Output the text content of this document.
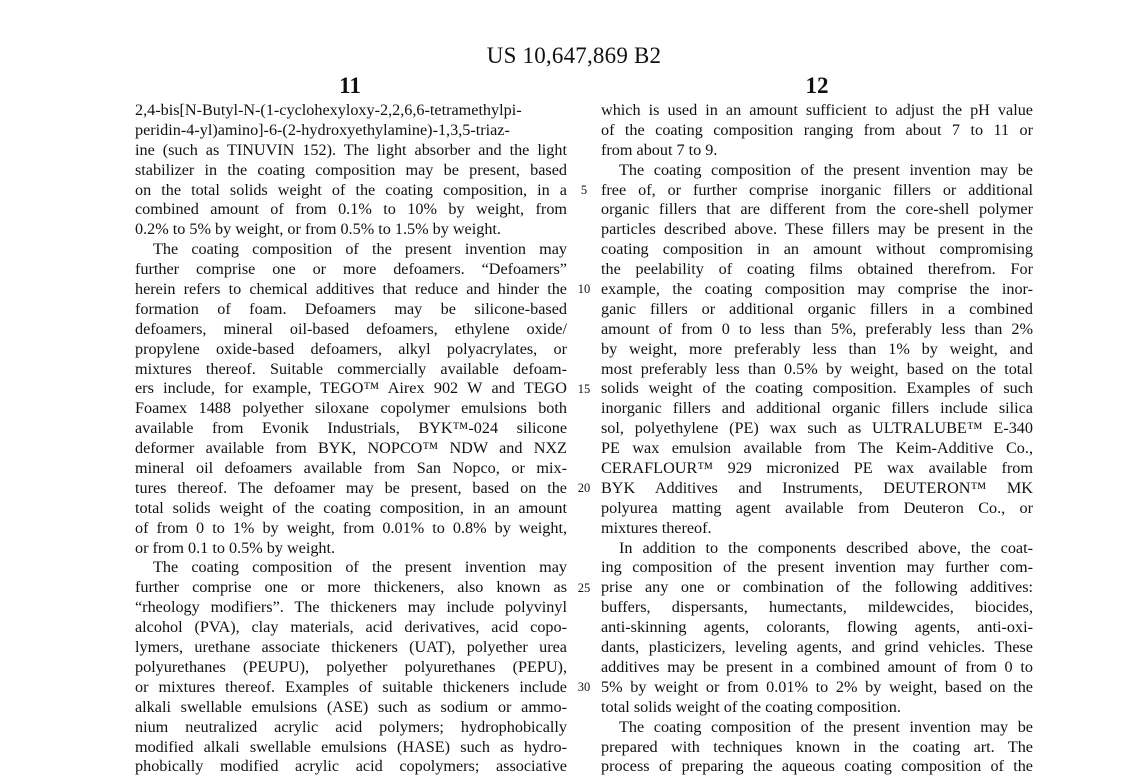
US 10,647,869 B2
11	12
2,4-bis[N-Butyl-N-(1-cyclohexyloxy-2,2,6,6-tetramethylpi-
peridin-4-yl)amino]-6-(2-hydroxyethylamine)-1,3,5-triaz-
ine (such as TINUVIN 152). The light absorber and the light
stabilizer in the coating composition may be present, based
on the total solids weight of the coating composition, in a
combined amount of from 0.1% to 10% by weight, from
0.2% to 5% by weight, or from 0.5% to 1.5% by weight.
The coating composition of the present invention may
further comprise one or more defoamers. “Defoamers”
herein refers to chemical additives that reduce and hinder the
formation of foam. Defoamers may be silicone-based
defoamers, mineral oil-based defoamers, ethylene oxide/
propylene oxide-based defoamers, alkyl polyacrylates, or
mixtures thereof. Suitable commercially available defoam-
ers include, for example, TEGO™ Airex 902 W and TEGO
Foamex 1488 polyether siloxane copolymer emulsions both
available from Evonik Industrials, BYK™-024 silicone
deformer available from BYK, NOPCO™ NDW and NXZ
mineral oil defoamers available from San Nopco, or mix-
tures thereof. The defoamer may be present, based on the
total solids weight of the coating composition, in an amount
of from 0 to 1% by weight, from 0.01% to 0.8% by weight,
or from 0.1 to 0.5% by weight.
The coating composition of the present invention may
further comprise one or more thickeners, also known as
“rheology modifiers”. The thickeners may include polyvinyl
alcohol (PVA), clay materials, acid derivatives, acid copo-
lymers, urethane associate thickeners (UAT), polyether urea
polyurethanes (PEUPU), polyether polyurethanes (PEPU),
or mixtures thereof. Examples of suitable thickeners include
alkali swellable emulsions (ASE) such as sodium or ammo-
nium neutralized acrylic acid polymers; hydrophobically
modified alkali swellable emulsions (HASE) such as hydro-
phobically modified acrylic acid copolymers; associative
5
10
15
20
25
30
which is used in an amount sufficient to adjust the pH value
of the coating composition ranging from about 7 to 11 or
from about 7 to 9.
The coating composition of the present invention may be
free of, or further comprise inorganic fillers or additional
organic fillers that are different from the core-shell polymer
particles described above. These fillers may be present in the
coating composition in an amount without compromising
the peelability of coating films obtained therefrom. For
example, the coating composition may comprise the inor-
ganic fillers or additional organic fillers in a combined
amount of from 0 to less than 5%, preferably less than 2%
by weight, more preferably less than 1% by weight, and
most preferably less than 0.5% by weight, based on the total
solids weight of the coating composition. Examples of such
inorganic fillers and additional organic fillers include silica
sol, polyethylene (PE) wax such as ULTRALUBE™ E-340
PE wax emulsion available from The Keim-Additive Co.,
CERAFLOUR™ 929 micronized PE wax available from
BYK Additives and Instruments, DEUTERON™ MK
polyurea matting agent available from Deuteron Co., or
mixtures thereof.
In addition to the components described above, the coat-
ing composition of the present invention may further com-
prise any one or combination of the following additives:
buffers, dispersants, humectants, mildewcides, biocides,
anti-skinning agents, colorants, flowing agents, anti-oxi-
dants, plasticizers, leveling agents, and grind vehicles. These
additives may be present in a combined amount of from 0 to
5% by weight or from 0.01% to 2% by weight, based on the
total solids weight of the coating composition.
The coating composition of the present invention may be
prepared with techniques known in the coating art. The
process of preparing the aqueous coating composition of the
